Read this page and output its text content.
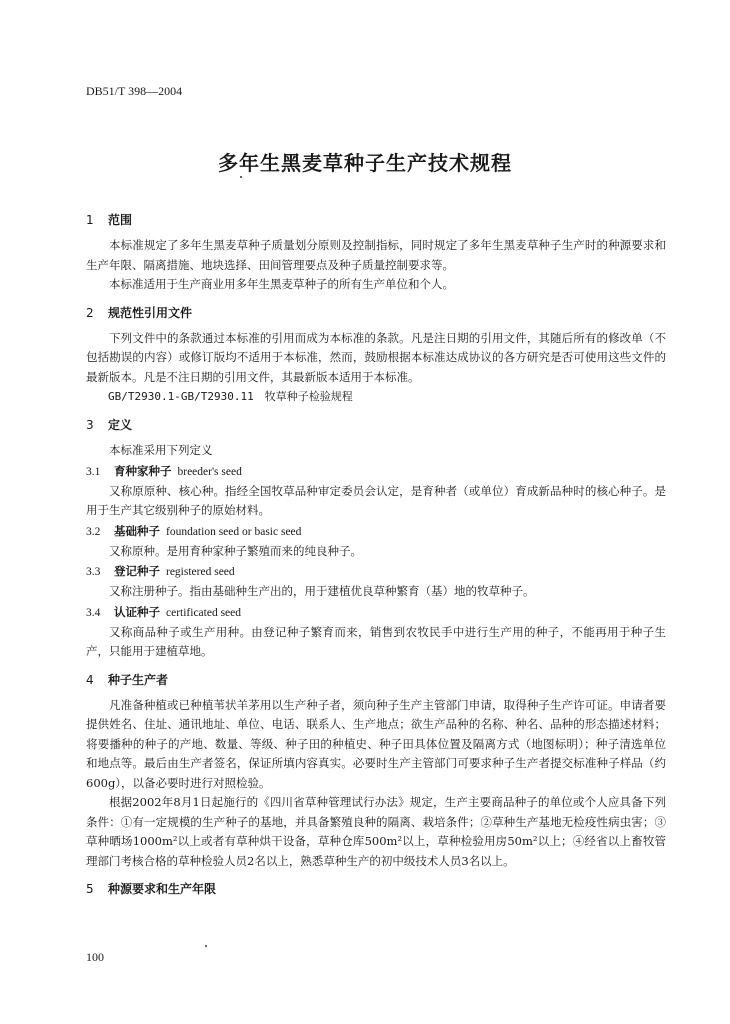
DB51/T 398—2004
多年生黑麦草种子生产技术规程

1 范围

本标准规定了多年生黑麦草种子质量划分原则及控制指标，同时规定了多年生黑麦草种子生产时的种源要求和生产年限、隔离措施、地块选择、田间管理要点及种子质量控制要求等。

本标准适用于生产商业用多年生黑麦草种子的所有生产单位和个人。

2 规范性引用文件

下列文件中的条款通过本标准的引用而成为本标准的条款。凡是注日期的引用文件，其随后所有的修改单（不包括勘误的内容）或修订版均不适用于本标准，然而，鼓励根据本标准达成协议的各方研究是否可使用这些文件的最新版本。凡是不注日期的引用文件，其最新版本适用于本标准。

GB/T2930.1-GB/T2930.11　牧草种子检验规程

3 定义

本标准采用下列定义

3.1 育种家种子 breeder's seed

又称原原种、核心种。指经全国牧草品种审定委员会认定，是育种者（或单位）育成新品种时的核心种子。是用于生产其它级别种子的原始材料。

3.2 基础种子 foundation seed or basic seed

又称原种。是用育种家种子繁殖而来的纯良种子。

3.3 登记种子 registered seed

又称注册种子。指由基础种生产出的，用于建植优良草种繁育（基）地的牧草种子。

3.4 认证种子 certificated seed

又称商品种子或生产用种。由登记种子繁育而来，销售到农牧民手中进行生产用的种子，不能再用于种子生产，只能用于建植草地。

4 种子生产者

凡准备种植或已种植苇状羊茅用以生产种子者，须向种子生产主管部门申请，取得种子生产许可证。申请者要提供姓名、住址、通讯地址、单位、电话、联系人、生产地点；欲生产品种的名称、种名、品种的形态描述材料；将要播种的种子的产地、数量、等级、种子田的种植史、种子田具体位置及隔离方式（地图标明）；种子清选单位和地点等。最后由生产者签名，保证所填内容真实。必要时生产主管部门可要求种子生产者提交标准种子样品（约600g），以备必要时进行对照检验。

根据2002年8月1日起施行的《四川省草种管理试行办法》规定，生产主要商品种子的单位或个人应具备下列条件：①有一定规模的生产种子的基地，并具备繁殖良种的隔离、栽培条件；②草种生产基地无检疫性病虫害；③草种晒场1000m²以上或者有草种烘干设备，草种仓库500m²以上，草种检验用房50m²以上；④经省以上畜牧管理部门考核合格的草种检验人员2名以上，熟悉草种生产的初中级技术人员3名以上。

5 种源要求和生产年限

100
